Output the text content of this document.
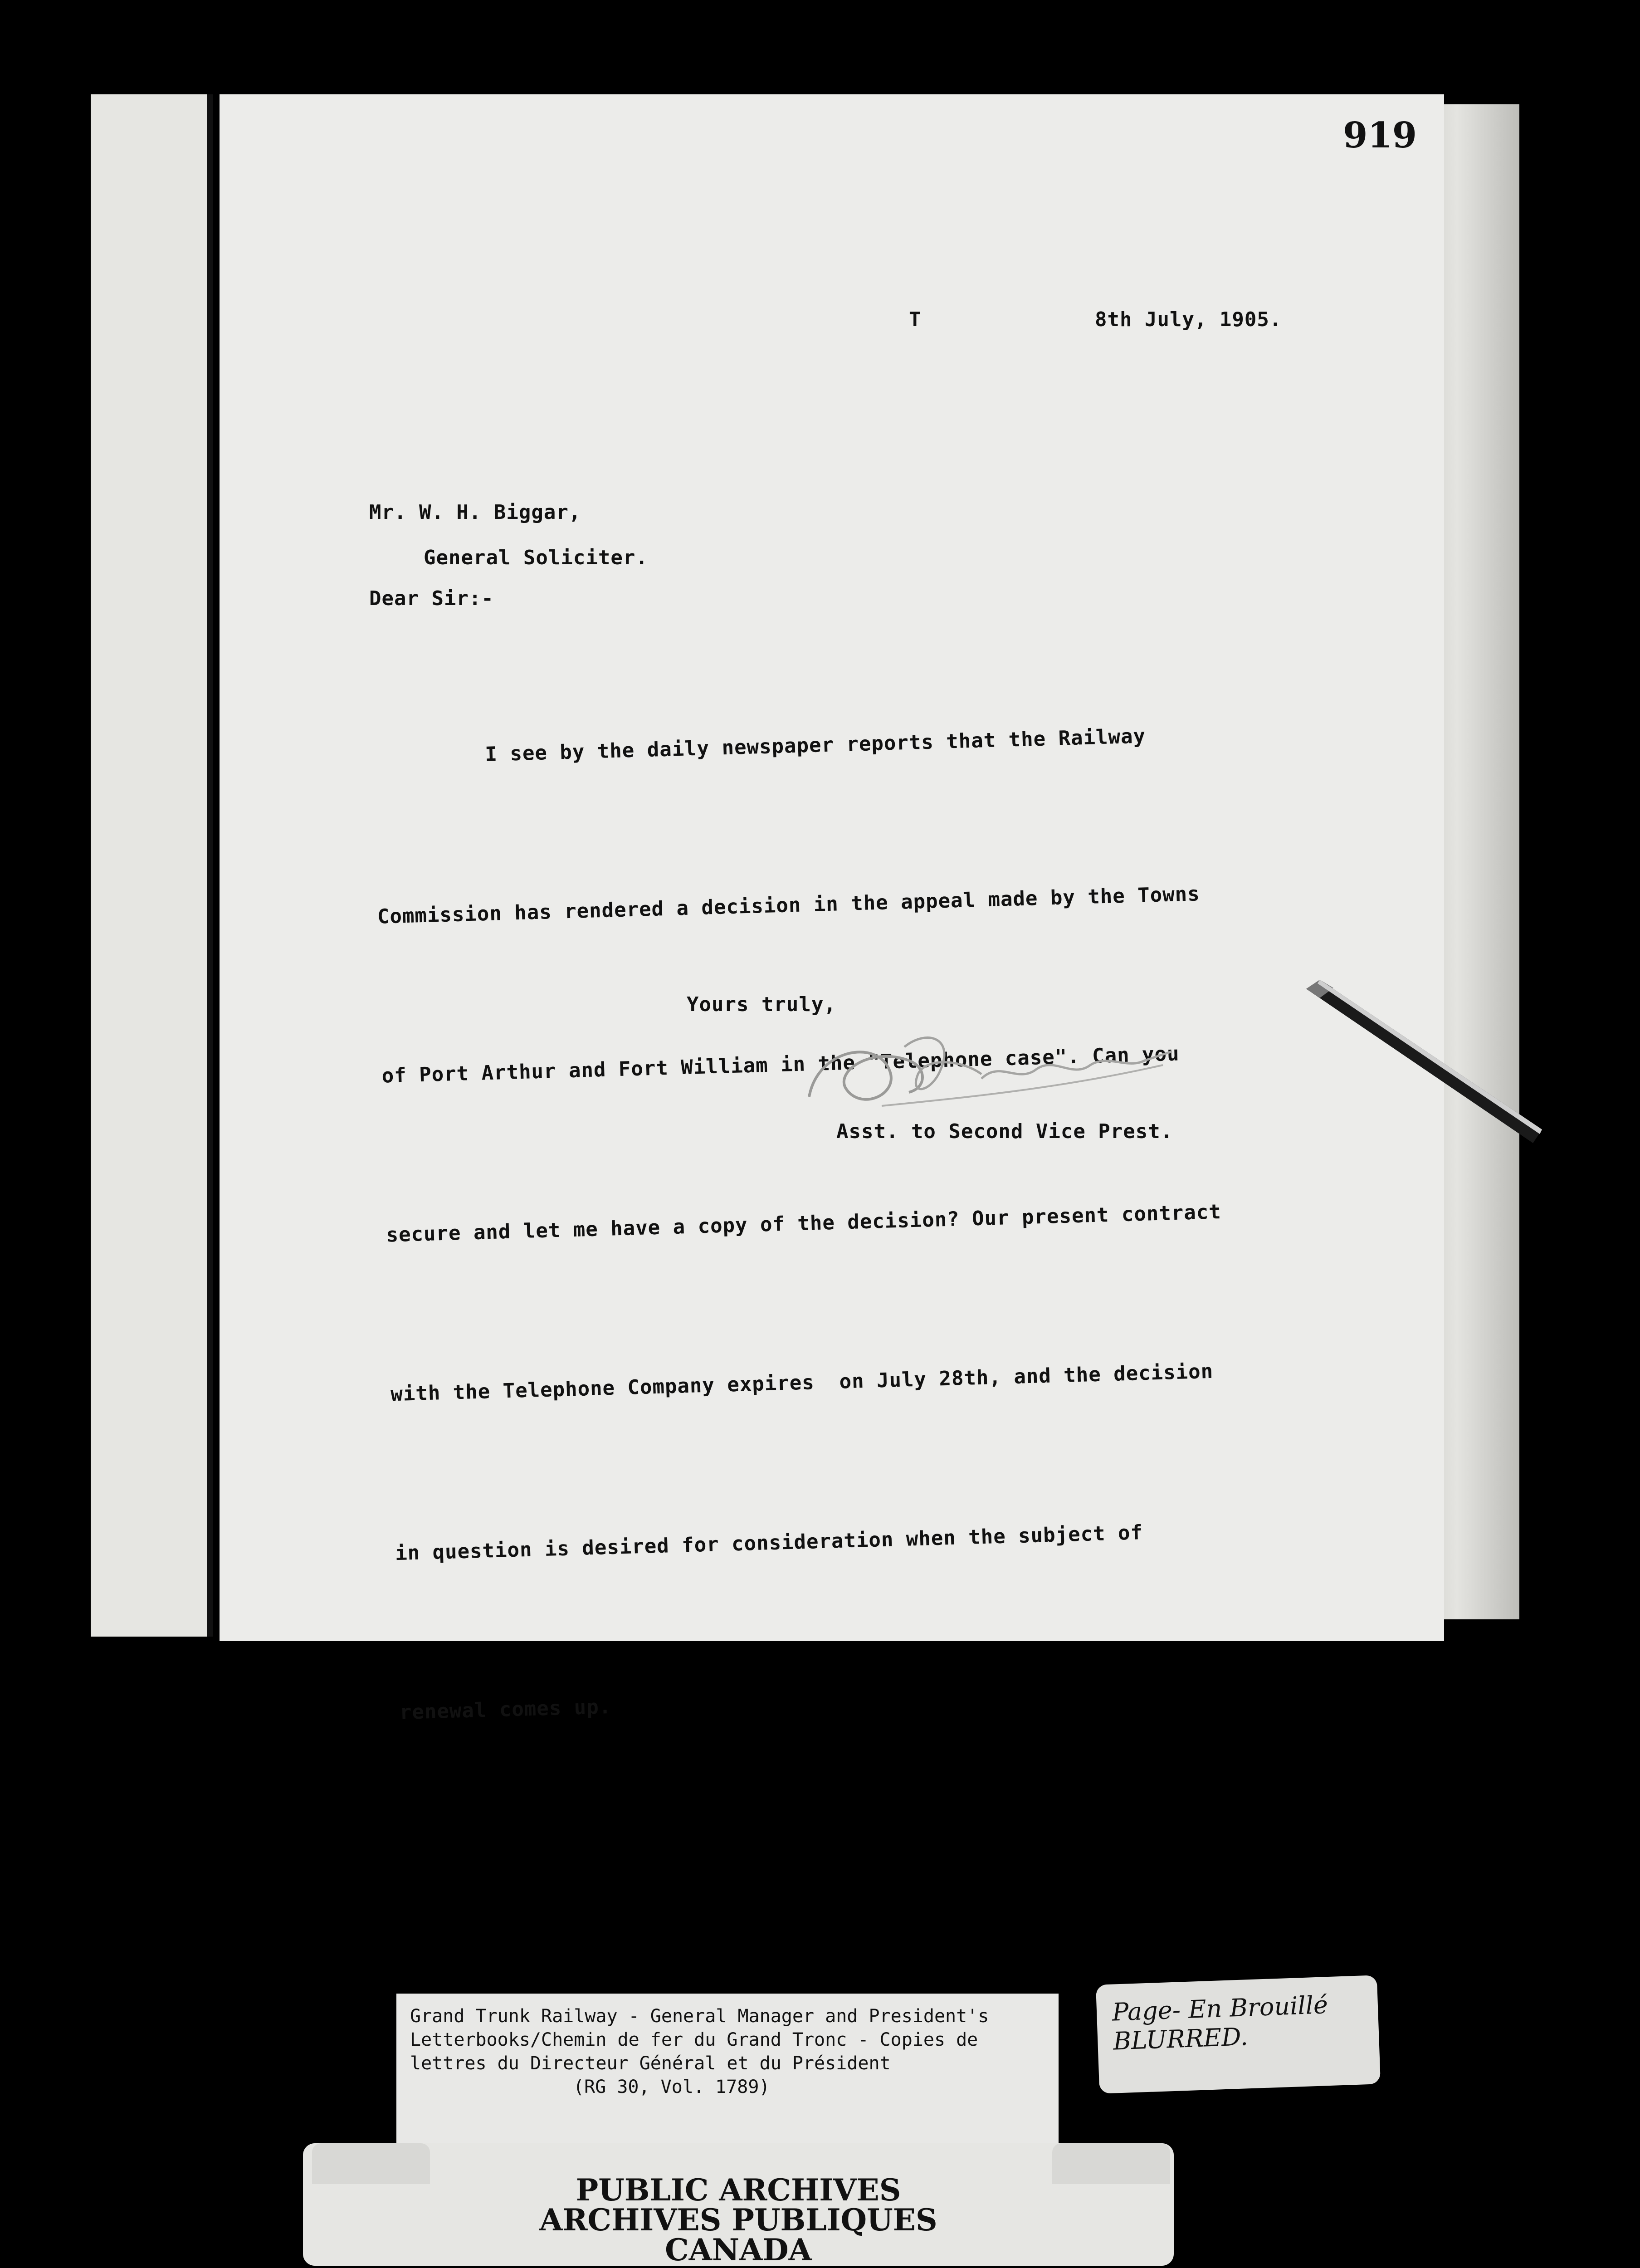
919
T	8th July, 1905.
Mr. W. H. Biggar,
General Soliciter.
Dear Sir:-

I see by the daily newspaper reports that the Railway

Commission has rendered a decision in the appeal made by the Towns

of Port Arthur and Fort William in the "Telephone case". Can you

secure and let me have a copy of the decision? Our present contract

with the Telephone Company expires  on July 28th, and the decision

in question is desired for consideration when the subject of

renewal comes up.

Yours truly,
Asst. to Second Vice Prest.
Grand Trunk Railway - General Manager and President's
Letterbooks/Chemin de fer du Grand Tronc - Copies de
lettres du Directeur Général et du Président
(RG 30, Vol. 1789)
Page- En Brouillé
BLURRED.
PUBLIC ARCHIVES
ARCHIVES PUBLIQUES
CANADA
